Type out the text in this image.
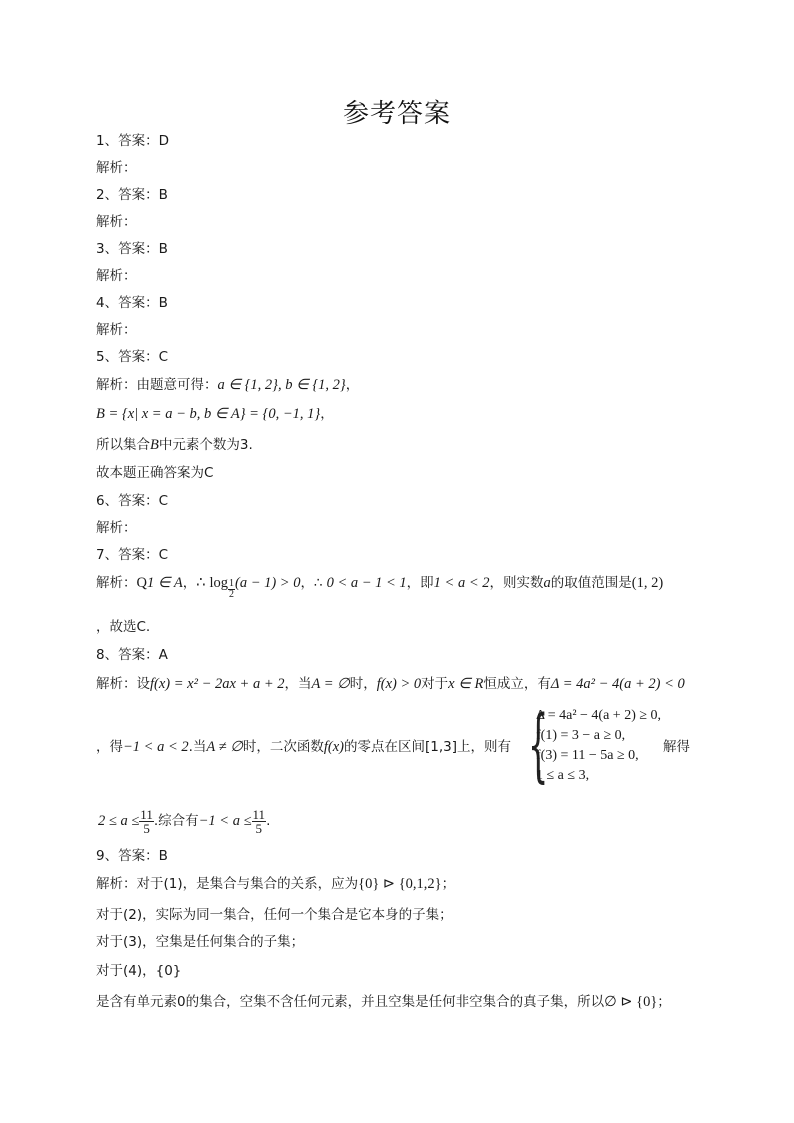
参考答案
1、答案：D
解析：
2、答案：B
解析：
3、答案：B
解析：
4、答案：B
解析：
5、答案：C
解析：由题意可得：a ∈ {1, 2}, b ∈ {1, 2}，
B = {x| x = a − b, b ∈ A} = {0, −1, 1}，
所以集合B中元素个数为3.
故本题正确答案为C
6、答案：C
解析：
7、答案：C
解析：Q1 ∈ A，∴ $\log \frac{1}{2} (a - 1) > 0$，∴ 0 < a − 1 < 1，即1 < a < 2，则实数a的取值范围是(1, 2)
，故选C.
8、答案：A
解析：设f(x) = x² − 2ax + a + 2，当A = ∅时，f(x) > 0对于x ∈ R恒成立，有Δ = 4a² − 4(a + 2) < 0
，得−1 < a < 2.当A ≠ ∅时，二次函数f(x)的零点在区间[1,3]上，则有 {
Δ = 4a² − 4(a + 2) ≥ 0,
f(1) = 3 − a ≥ 0,
f(3) = 11 − 5a ≥ 0,
1 ≤ a ≤ 3,
解得
$2 \le a \le \frac{11}{5}$ .综合有$-1 < a \le \frac{11}{5}$ .
9、答案：B
解析：对于(1)，是集合与集合的关系，应为{0} ⊳ {0,1,2}；
对于(2)，实际为同一集合，任何一个集合是它本身的子集；
对于(3)，空集是任何集合的子集；
对于(4)，{0}
是含有单元素0的集合，空集不含任何元素，并且空集是任何非空集合的真子集，所以∅ ⊳ {0}；
